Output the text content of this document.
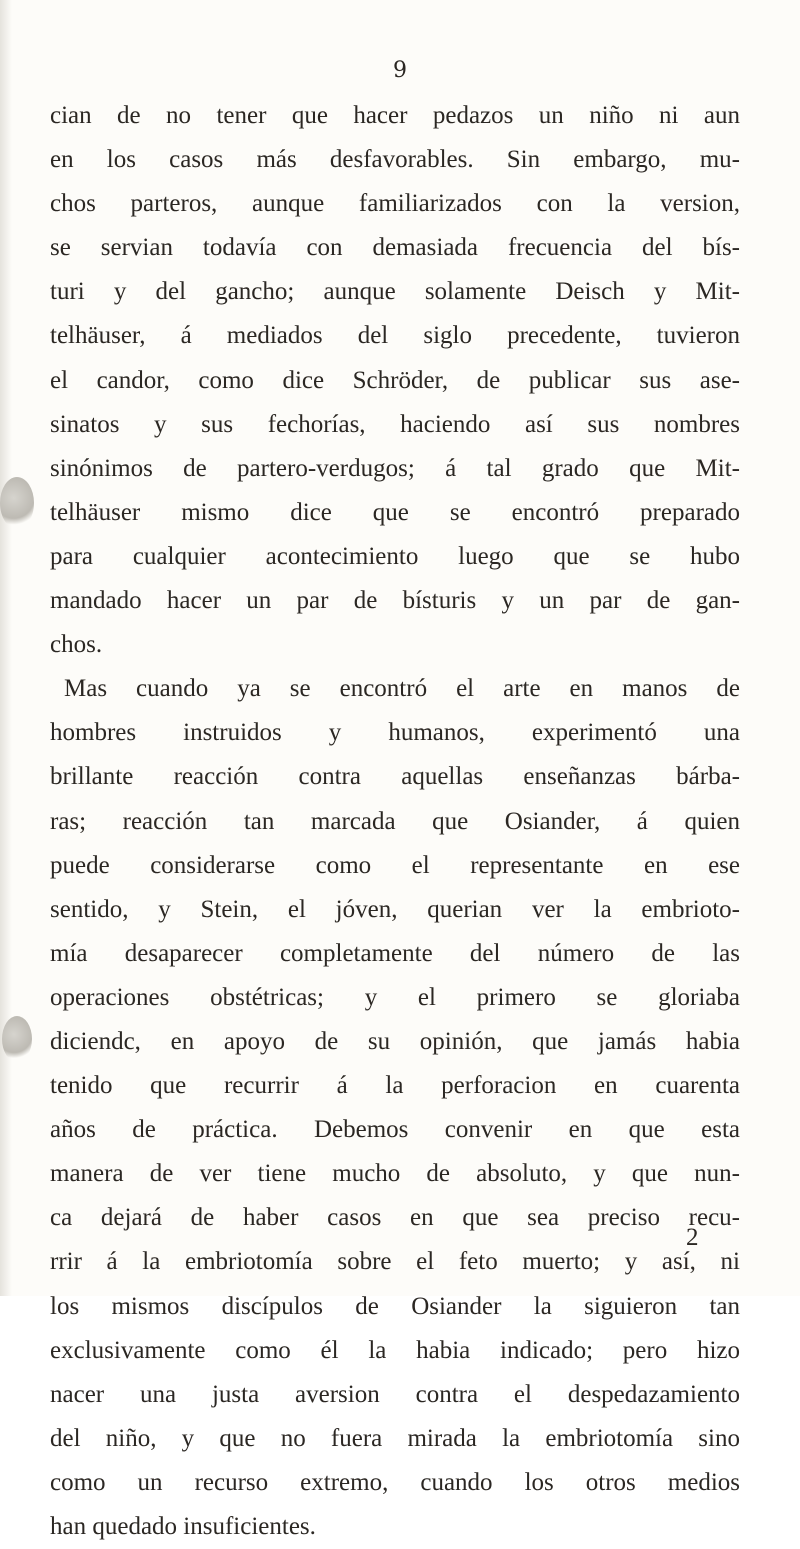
9
cian de no tener que hacer pedazos un niño ni aun
en los casos más desfavorables. Sin embargo, mu-
chos parteros, aunque familiarizados con la version,
se servian todavía con demasiada frecuencia del bís-
turi y del gancho; aunque solamente Deisch y Mit-
telhäuser, á mediados del siglo precedente, tuvieron
el candor, como dice Schröder, de publicar sus ase-
sinatos y sus fechorías, haciendo así sus nombres
sinónimos de partero-verdugos; á tal grado que Mit-
telhäuser mismo dice que se encontró preparado
para cualquier acontecimiento luego que se hubo
mandado hacer un par de bísturis y un par de gan-
chos.
Mas cuando ya se encontró el arte en manos de
hombres instruidos y humanos, experimentó una
brillante reacción contra aquellas enseñanzas bárba-
ras; reacción tan marcada que Osiander, á quien
puede considerarse como el representante en ese
sentido, y Stein, el jóven, querian ver la embrioto-
mía desaparecer completamente del número de las
operaciones obstétricas; y el primero se gloriaba
diciendc, en apoyo de su opinión, que jamás habia
tenido que recurrir á la perforacion en cuarenta
años de práctica. Debemos convenir en que esta
manera de ver tiene mucho de absoluto, y que nun-
ca dejará de haber casos en que sea preciso recu-
rrir á la embriotomía sobre el feto muerto; y así, ni
los mismos discípulos de Osiander la siguieron tan
exclusivamente como él la habia indicado; pero hizo
nacer una justa aversion contra el despedazamiento
del niño, y que no fuera mirada la embriotomía sino
como un recurso extremo, cuando los otros medios
han quedado insuficientes.
2
